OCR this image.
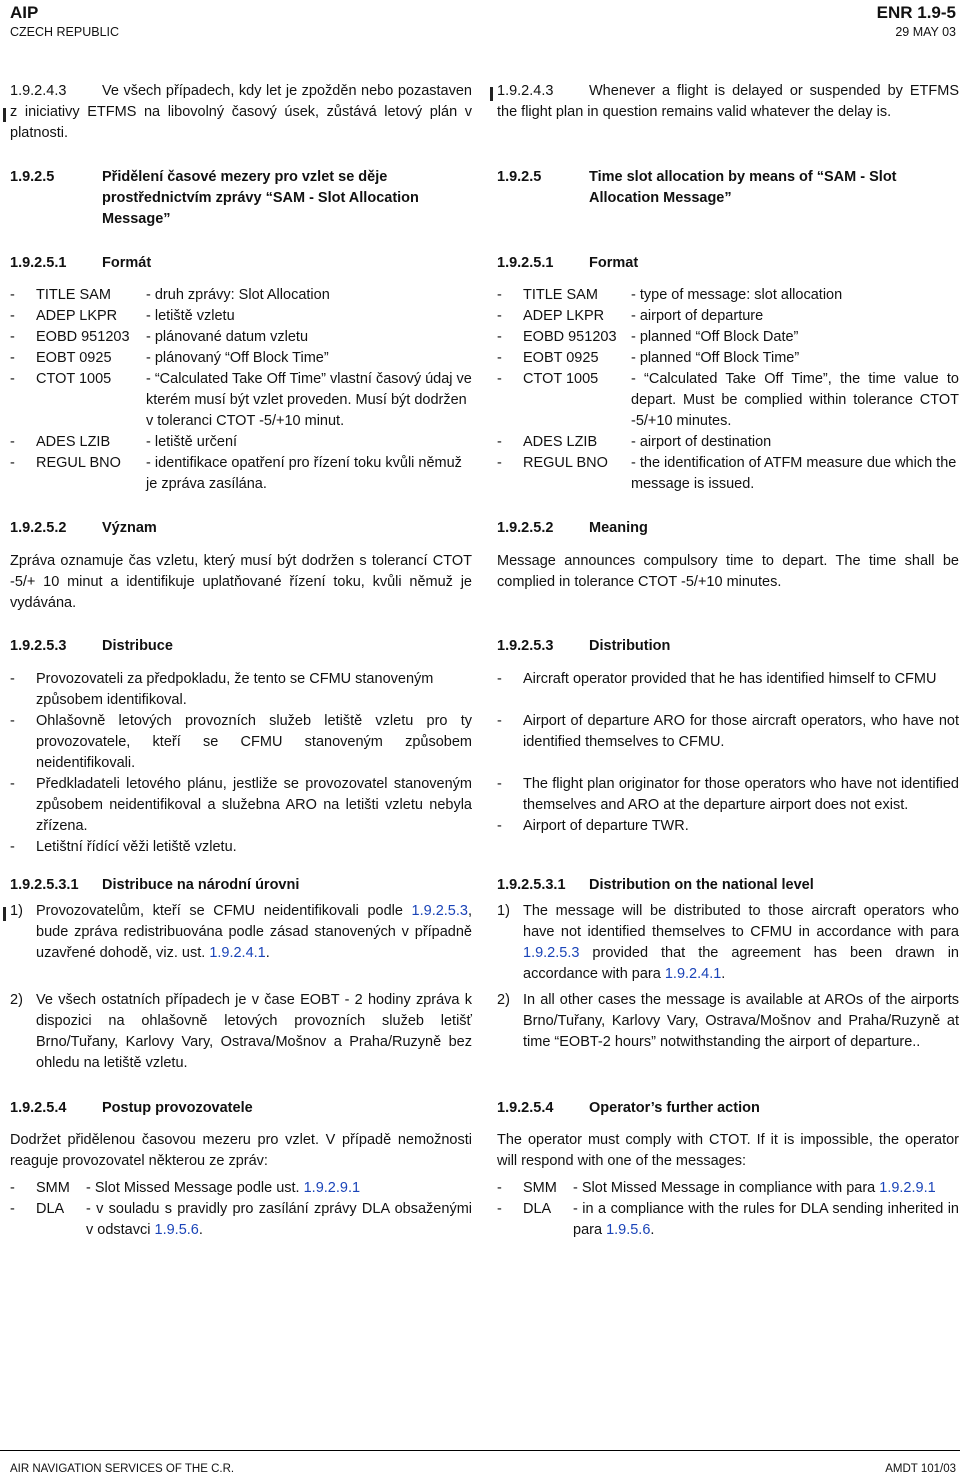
AIP
CZECH REPUBLIC
ENR 1.9-5
29 MAY 03
1.9.2.4.3 Ve všech případech, kdy let je zpožděn nebo pozastaven z iniciativy ETFMS na libovolný časový úsek, zůstává letový plán v platnosti.
1.9.2.5	Přidělení časové mezery pro vzlet se děje prostřednictvím zprávy “SAM - Slot Allocation Message”
1.9.2.5.1	Formát
-	TITLE SAM	- druh zprávy: Slot Allocation
-	ADEP LKPR	- letiště vzletu
-	EOBD 951203	- plánované datum vzletu
-	EOBT 0925	- plánovaný “Off Block Time”
-	CTOT 1005	- “Calculated Take Off Time” vlastní časový údaj ve kterém musí být vzlet proveden. Musí být dodržen v toleranci CTOT -5/+10 minut.
-	ADES LZIB	- letiště určení
-	REGUL BNO	- identifikace opatření pro řízení toku kvůli němuž je zpráva zasílána.
1.9.2.5.2	Význam
Zpráva oznamuje čas vzletu, který musí být dodržen s tolerancí CTOT -5/+ 10 minut a identifikuje uplatňované řízení toku, kvůli němuž je vydávána.
1.9.2.5.3	Distribuce
-	Provozovateli za předpokladu, že tento se CFMU stanoveným způsobem identifikoval.
-	Ohlašovně letových provozních služeb letiště vzletu pro ty provozovatele, kteří se CFMU stanoveným způsobem neidentifikovali.
-	Předkladateli letového plánu, jestliže se provozovatel stanoveným způsobem neidentifikoval a služebna ARO na letišti vzletu nebyla zřízena.
-	Letištní řídící věži letiště vzletu.
1.9.2.5.3.1	Distribuce na národní úrovni
1) Provozovatelům, kteří se CFMU neidentifikovali podle 1.9.2.5.3, bude zpráva redistribuována podle zásad stanovených v případně uzavřené dohodě, viz. ust. 1.9.2.4.1.
2) Ve všech ostatních případech je v čase EOBT - 2 hodiny zpráva k dispozici na ohlašovně letových provozních služeb letišť Brno/Tuřany, Karlovy Vary, Ostrava/Mošnov a Praha/Ruzyně bez ohledu na letiště vzletu.
1.9.2.5.4	Postup provozovatele
Dodržet přidělenou časovou mezeru pro vzlet. V případě nemožnosti reaguje provozovatel některou ze zpráv:
-	SMM	- Slot Missed Message podle ust. 1.9.2.9.1
-	DLA	- v souladu s pravidly pro zasílání zprávy DLA obsaženými v odstavci 1.9.5.6.
1.9.2.4.3 Whenever a flight is delayed or suspended by ETFMS the flight plan in question remains valid whatever the delay is.
1.9.2.5	Time slot allocation by means of “SAM - Slot Allocation Message”
1.9.2.5.1	Format
-	TITLE SAM	- type of message: slot allocation
-	ADEP LKPR	- airport of departure
-	EOBD 951203 - planned “Off Block Date”
-	EOBT 0925	- planned “Off Block Time”
-	CTOT 1005	- “Calculated Take Off Time”, the time value to depart. Must be complied within tolerance CTOT -5/+10 minutes.
-	ADES LZIB	- airport of destination
-	REGUL BNO	- the identification of ATFM measure due which the message is issued.
1.9.2.5.2	Meaning
Message announces compulsory time to depart. The time shall be complied in tolerance CTOT -5/+10 minutes.
1.9.2.5.3	Distribution
-	Aircraft operator provided that he has identified himself to CFMU
-	Airport of departure ARO for those aircraft operators, who have not identified themselves to CFMU.
-	The flight plan originator for those operators who have not identified themselves and ARO at the departure airport does not exist.
-	Airport of departure TWR.
1.9.2.5.3.1	Distribution on the national level
1) The message will be distributed to those aircraft operators who have not identified themselves to CFMU in accordance with para 1.9.2.5.3 provided that the agreement has been drawn in accordance with para 1.9.2.4.1.
2) In all other cases the message is available at AROs of the airports Brno/Tuřany, Karlovy Vary, Ostrava/Mošnov and Praha/Ruzyně at time “EOBT-2 hours” notwithstanding the airport of departure..
1.9.2.5.4	Operator’s further action
The operator must comply with CTOT. If it is impossible, the operator will respond with one of the messages:
-	SMM	- Slot Missed Message in compliance with para 1.9.2.9.1
-	DLA	- in a compliance with the rules for DLA sending inherited in para 1.9.5.6.
AIR NAVIGATION SERVICES OF THE C.R.	AMDT 101/03
